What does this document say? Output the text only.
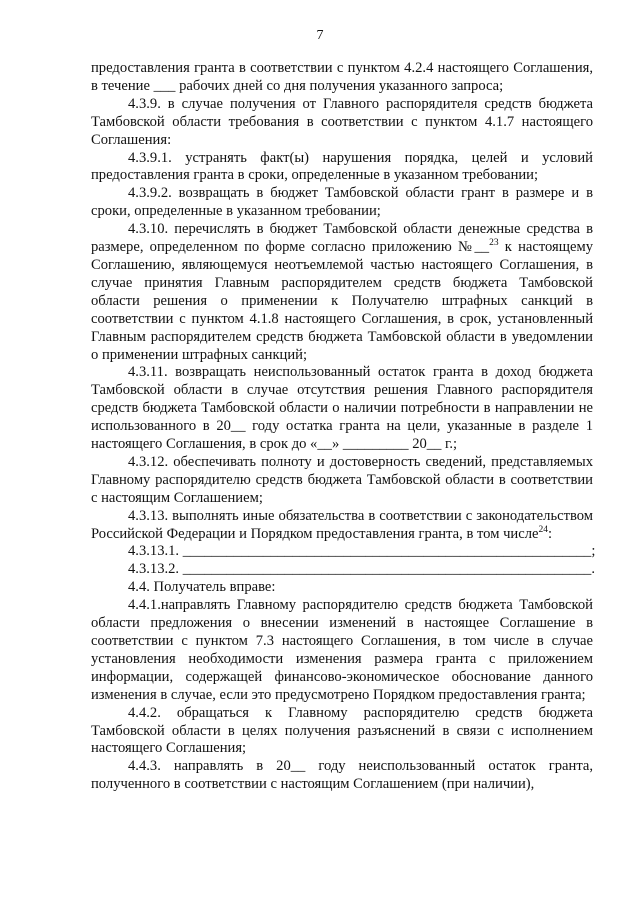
7

предоставления гранта в соответствии с пунктом 4.2.4 настоящего Соглашения, в течение ___ рабочих дней со дня получения указанного запроса;

4.3.9. в случае получения от Главного распорядителя средств бюджета Тамбовской области требования в соответствии с пунктом 4.1.7 настоящего Соглашения:

4.3.9.1. устранять факт(ы) нарушения порядка, целей и условий предоставления гранта в сроки, определенные в указанном требовании;

4.3.9.2. возвращать в бюджет Тамбовской области грант в размере и в сроки, определенные в указанном требовании;

4.3.10. перечислять в бюджет Тамбовской области денежные средства в размере, определенном по форме согласно приложению №__$^{23}$ к настоящему Соглашению, являющемуся неотъемлемой частью настоящего Соглашения, в случае принятия Главным распорядителем средств бюджета Тамбовской области решения о применении к Получателю штрафных санкций в соответствии с пунктом 4.1.8 настоящего Соглашения, в срок, установленный Главным распорядителем средств бюджета Тамбовской области в уведомлении о применении штрафных санкций;

4.3.11. возвращать неиспользованный остаток гранта в доход бюджета Тамбовской области в случае отсутствия решения Главного распорядителя средств бюджета Тамбовской области о наличии потребности в направлении не использованного в 20__ году остатка гранта на цели, указанные в разделе 1 настоящего Соглашения, в срок до «__» _________ 20__ г.;

4.3.12. обеспечивать полноту и достоверность сведений, представляемых Главному распорядителю средств бюджета Тамбовской области в соответствии с настоящим Соглашением;

4.3.13. выполнять иные обязательства в соответствии с законодательством Российской Федерации и Порядком предоставления гранта, в том числе$^{24}$:

4.3.13.1. ________________________________________________________;
4.3.13.2. ________________________________________________________.

4.4. Получатель вправе:

4.4.1.направлять Главному распорядителю средств бюджета Тамбовской области предложения о внесении изменений в настоящее Соглашение в соответствии с пунктом 7.3 настоящего Соглашения, в том числе в случае установления необходимости изменения размера гранта с приложением информации, содержащей финансово-экономическое обоснование данного изменения в случае, если это предусмотрено Порядком предоставления гранта;

4.4.2. обращаться к Главному распорядителю средств бюджета Тамбовской области в целях получения разъяснений в связи с исполнением настоящего Соглашения;

4.4.3. направлять в 20__ году неиспользованный остаток гранта, полученного в соответствии с настоящим Соглашением (при наличии),
